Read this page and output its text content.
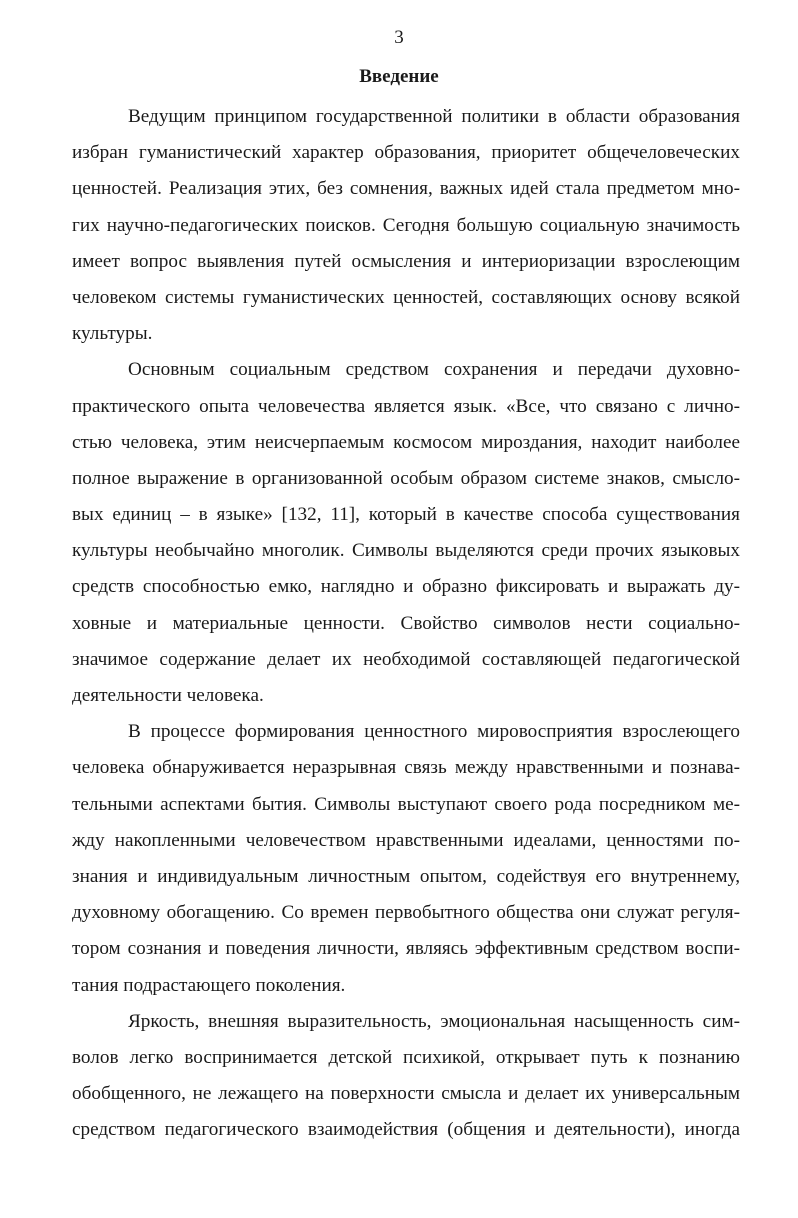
3
Введение
Ведущим принципом государственной политики в области образования
избран гуманистический характер образования, приоритет общечеловеческих
ценностей. Реализация этих, без сомнения, важных идей стала предметом мно-
гих научно-педагогических поисков. Сегодня большую социальную значимость
имеет вопрос выявления путей осмысления и интериоризации взрослеющим
человеком системы гуманистических ценностей, составляющих основу всякой
культуры.
Основным социальным средством сохранения и передачи духовно-
практического опыта человечества является язык. «Все, что связано с лично-
стью человека, этим неисчерпаемым космосом мироздания, находит наиболее
полное выражение в организованной особым образом системе знаков, смысло-
вых единиц – в языке» [132, 11], который в качестве способа существования
культуры необычайно многолик. Символы выделяются среди прочих языковых
средств способностью емко, наглядно и образно фиксировать и выражать ду-
ховные и материальные ценности. Свойство символов нести социально-
значимое содержание делает их необходимой составляющей педагогической
деятельности человека.
В процессе формирования ценностного мировосприятия взрослеющего
человека обнаруживается неразрывная связь между нравственными и познава-
тельными аспектами бытия. Символы выступают своего рода посредником ме-
жду накопленными человечеством нравственными идеалами, ценностями по-
знания и индивидуальным личностным опытом, содействуя его внутреннему,
духовному обогащению. Со времен первобытного общества они служат регуля-
тором сознания и поведения личности, являясь эффективным средством воспи-
тания подрастающего поколения.
Яркость, внешняя выразительность, эмоциональная насыщенность сим-
волов легко воспринимается детской психикой, открывает путь к познанию
обобщенного, не лежащего на поверхности смысла и делает их универсальным
средством педагогического взаимодействия (общения и деятельности), иногда
